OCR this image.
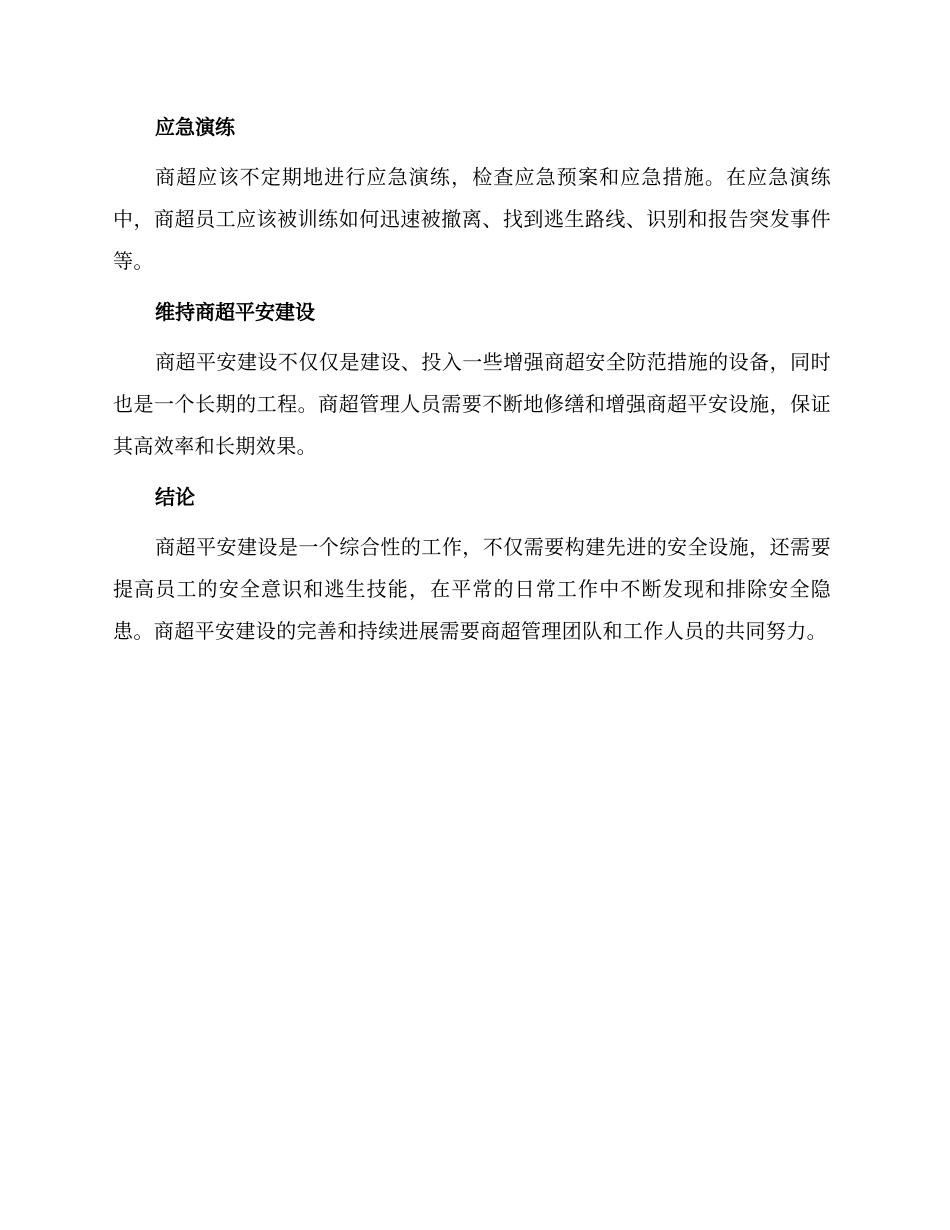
应急演练

商超应该不定期地进行应急演练，检查应急预案和应急措施。在应急演练中，商超员工应该被训练如何迅速被撤离、找到逃生路线、识别和报告突发事件等。

维持商超平安建设

商超平安建设不仅仅是建设、投入一些增强商超安全防范措施的设备，同时也是一个长期的工程。商超管理人员需要不断地修缮和增强商超平安设施，保证其高效率和长期效果。

结论

商超平安建设是一个综合性的工作，不仅需要构建先进的安全设施，还需要提高员工的安全意识和逃生技能，在平常的日常工作中不断发现和排除安全隐患。商超平安建设的完善和持续进展需要商超管理团队和工作人员的共同努力。
